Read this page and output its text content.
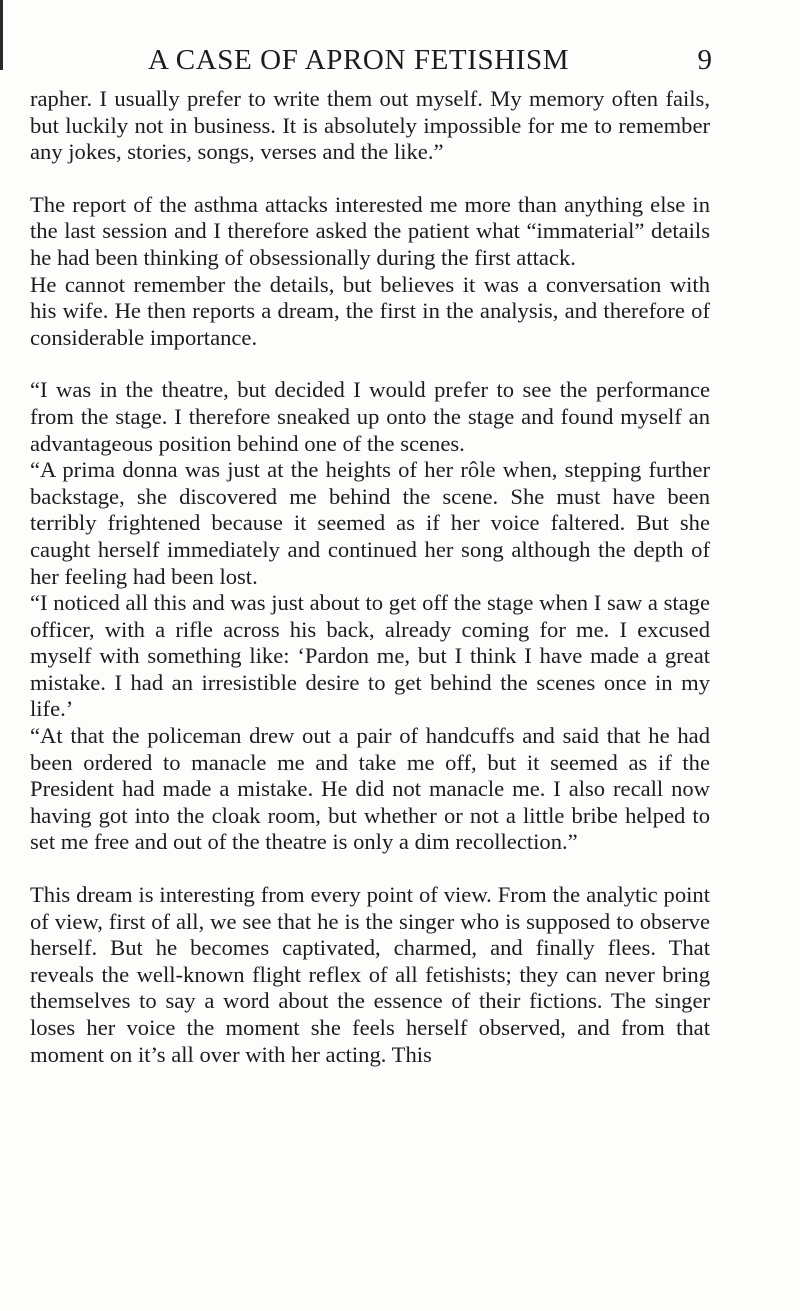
A CASE OF APRON FETISHISM	9

rapher. I usually prefer to write them out myself. My memory often fails, but luckily not in business. It is absolutely impossible for me to remember any jokes, stories, songs, verses and the like.”

The report of the asthma attacks interested me more than anything else in the last session and I therefore asked the patient what “immaterial” details he had been thinking of obsessionally during the first attack.

He cannot remember the details, but believes it was a conversation with his wife. He then reports a dream, the first in the analysis, and therefore of considerable importance.

“I was in the theatre, but decided I would prefer to see the performance from the stage. I therefore sneaked up onto the stage and found myself an advantageous position behind one of the scenes.

“A prima donna was just at the heights of her rôle when, stepping further backstage, she discovered me behind the scene. She must have been terribly frightened because it seemed as if her voice faltered. But she caught herself immediately and continued her song although the depth of her feeling had been lost.

“I noticed all this and was just about to get off the stage when I saw a stage officer, with a rifle across his back, already coming for me. I excused myself with something like: ‘Pardon me, but I think I have made a great mistake. I had an irresistible desire to get behind the scenes once in my life.’

“At that the policeman drew out a pair of handcuffs and said that he had been ordered to manacle me and take me off, but it seemed as if the President had made a mistake. He did not manacle me. I also recall now having got into the cloak room, but whether or not a little bribe helped to set me free and out of the theatre is only a dim recollection.”

This dream is interesting from every point of view. From the analytic point of view, first of all, we see that he is the singer who is supposed to observe herself. But he becomes captivated, charmed, and finally flees. That reveals the well-known flight reflex of all fetishists; they can never bring themselves to say a word about the essence of their fictions. The singer loses her voice the moment she feels herself observed, and from that moment on it’s all over with her acting. This
